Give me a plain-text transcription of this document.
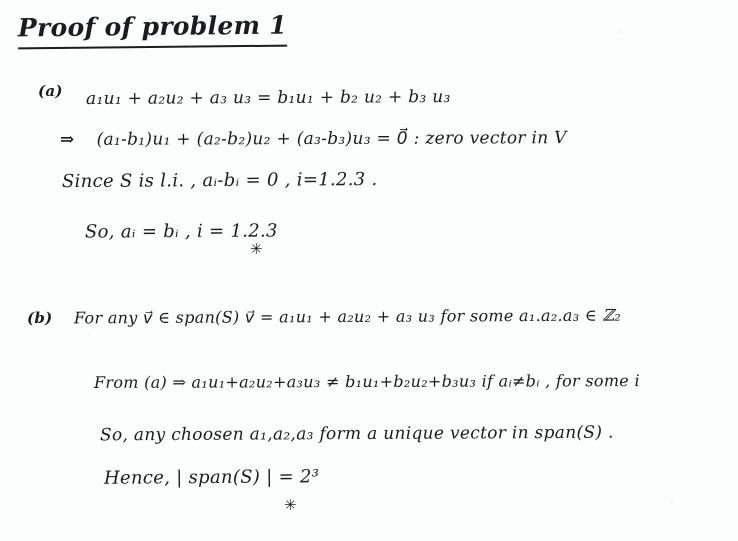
Proof of problem 1
(a) a₁u₁ + a₂u₂ + a₃ u₃ = b₁u₁ + b₂ u₂ + b₃ u₃
⇒ (a₁-b₁)u₁ + (a₂-b₂)u₂ + (a₃-b₃)u₃ = 0⃗ : zero vector in V
Since S is l.i. , aᵢ-bᵢ = 0 , i=1.2.3 .
So, aᵢ = bᵢ , i = 1.2.3
✳
(b) For any v⃗ ∈ span(S) v⃗ = a₁u₁ + a₂u₂ + a₃ u₃ for some a₁.a₂.a₃ ∈ ℤ₂
From (a) ⇒ a₁u₁+a₂u₂+a₃u₃ ≠ b₁u₁+b₂u₂+b₃u₃ if aᵢ≠bᵢ , for some i
So, any choosen a₁,a₂,a₃ form a unique vector in span(S) .
Hence, | span(S) | = 2³
✳
